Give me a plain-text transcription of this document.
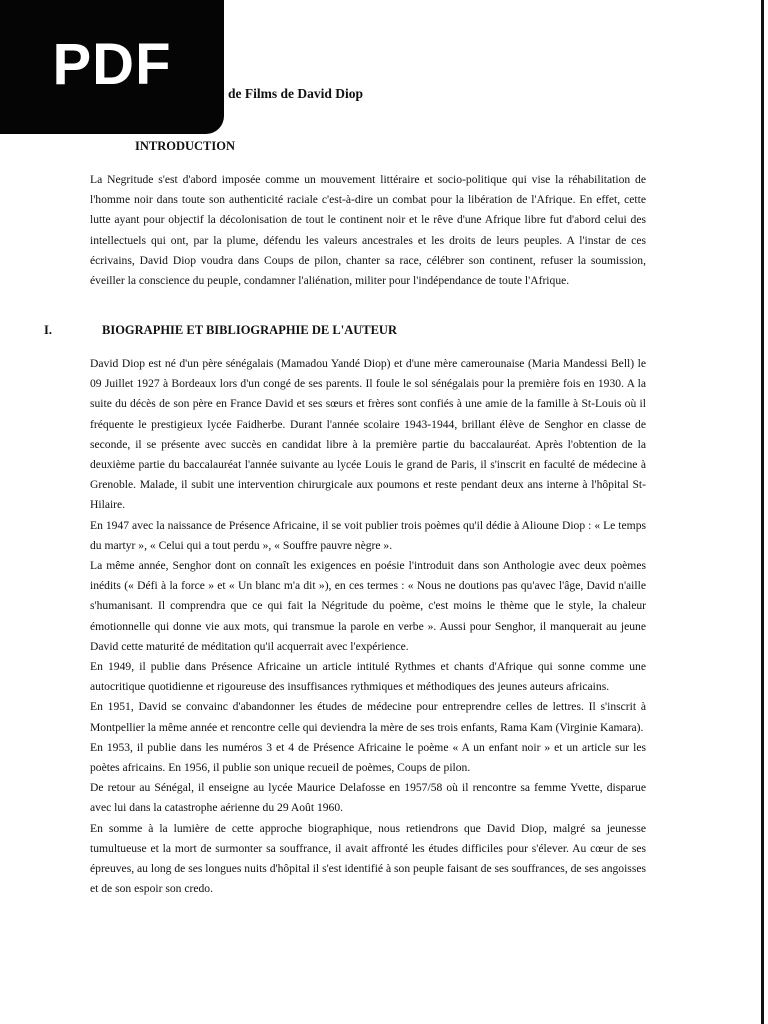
PDF	de Films de David Diop
INTRODUCTION
La Negritude s'est d'abord imposée comme un mouvement littéraire et socio-politique qui vise la réhabilitation de l'homme noir dans toute son authenticité raciale c'est-à-dire un combat pour la libération de l'Afrique. En effet, cette lutte ayant pour objectif la décolonisation de tout le continent noir et le rêve d'une Afrique libre fut d'abord celui des intellectuels qui ont, par la plume, défendu les valeurs ancestrales et les droits de leurs peuples. A l'instar de ces écrivains, David Diop voudra dans Coups de pilon, chanter sa race, célébrer son continent, refuser la soumission, éveiller la conscience du peuple, condamner l'aliénation, militer pour l'indépendance de toute l'Afrique.
I.	BIOGRAPHIE ET BIBLIOGRAPHIE DE L'AUTEUR

David Diop est né d'un père sénégalais (Mamadou Yandé Diop) et d'une mère camerounaise (Maria Mandessi Bell) le 09 Juillet 1927 à Bordeaux lors d'un congé de ses parents. Il foule le sol sénégalais pour la première fois en 1930. A la suite du décès de son père en France David et ses sœurs et frères sont confiés à une amie de la famille à St-Louis où il fréquente le prestigieux lycée Faidherbe. Durant l'année scolaire 1943-1944, brillant élève de Senghor en classe de seconde, il se présente avec succès en candidat libre à la première partie du baccalauréat. Après l'obtention de la deuxième partie du baccalauréat l'année suivante au lycée Louis le grand de Paris, il s'inscrit en faculté de médecine à Grenoble. Malade, il subit une intervention chirurgicale aux poumons et reste pendant deux ans interne à l'hôpital St-Hilaire.

En 1947 avec la naissance de Présence Africaine, il se voit publier trois poèmes qu'il dédie à Alioune Diop : « Le temps du martyr », « Celui qui a tout perdu », « Souffre pauvre nègre ».

La même année, Senghor dont on connaît les exigences en poésie l'introduit dans son Anthologie avec deux poèmes inédits (« Défi à la force » et « Un blanc m'a dit »), en ces termes : « Nous ne doutions pas qu'avec l'âge, David n'aille s'humanisant. Il comprendra que ce qui fait la Négritude du poème, c'est moins le thème que le style, la chaleur émotionnelle qui donne vie aux mots, qui transmue la parole en verbe ». Aussi pour Senghor, il manquerait au jeune David cette maturité de méditation qu'il acquerrait avec l'expérience.

En 1949, il publie dans Présence Africaine un article intitulé Rythmes et chants d'Afrique qui sonne comme une autocritique quotidienne et rigoureuse des insuffisances rythmiques et méthodiques des jeunes auteurs africains.

En 1951, David se convainc d'abandonner les études de médecine pour entreprendre celles de lettres. Il s'inscrit à Montpellier la même année et rencontre celle qui deviendra la mère de ses trois enfants, Rama Kam (Virginie Kamara).

En 1953, il publie dans les numéros 3 et 4 de Présence Africaine le poème « A un enfant noir » et un article sur les poètes africains. En 1956, il publie son unique recueil de poèmes, Coups de pilon.

De retour au Sénégal, il enseigne au lycée Maurice Delafosse en 1957/58 où il rencontre sa femme Yvette, disparue avec lui dans la catastrophe aérienne du 29 Août 1960.

En somme à la lumière de cette approche biographique, nous retiendrons que David Diop, malgré sa jeunesse tumultueuse et la mort de surmonter sa souffrance, il avait affronté les études difficiles pour s'élever. Au cœur de ses épreuves, au long de ses longues nuits d'hôpital il s'est identifié à son peuple faisant de ses souffrances, de ses angoisses et de son espoir son credo.
